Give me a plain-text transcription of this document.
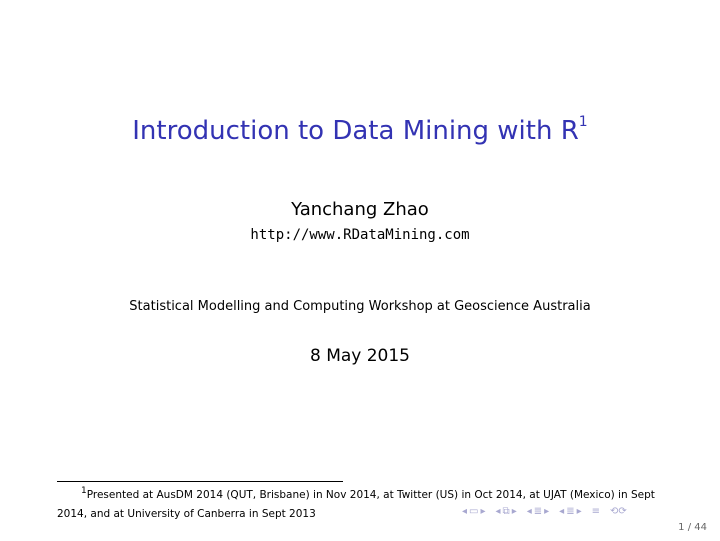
Introduction to Data Mining with $R^1$
Yanchang Zhao
http://www.RDataMining.com
Statistical Modelling and Computing Workshop at Geoscience Australia
8 May 2015
1Presented at AusDM 2014 (QUT, Brisbane) in Nov 2014, at Twitter (US) in Oct 2014, at UJAT (Mexico) in Sept 2014, and at University of Canberra in Sept 2013	◂ ▭ ▸ ◂ ⧉ ▸ ◂ ≣ ▸ ◂ ≣ ▸ ≡ ⟲⟳
1 / 44
